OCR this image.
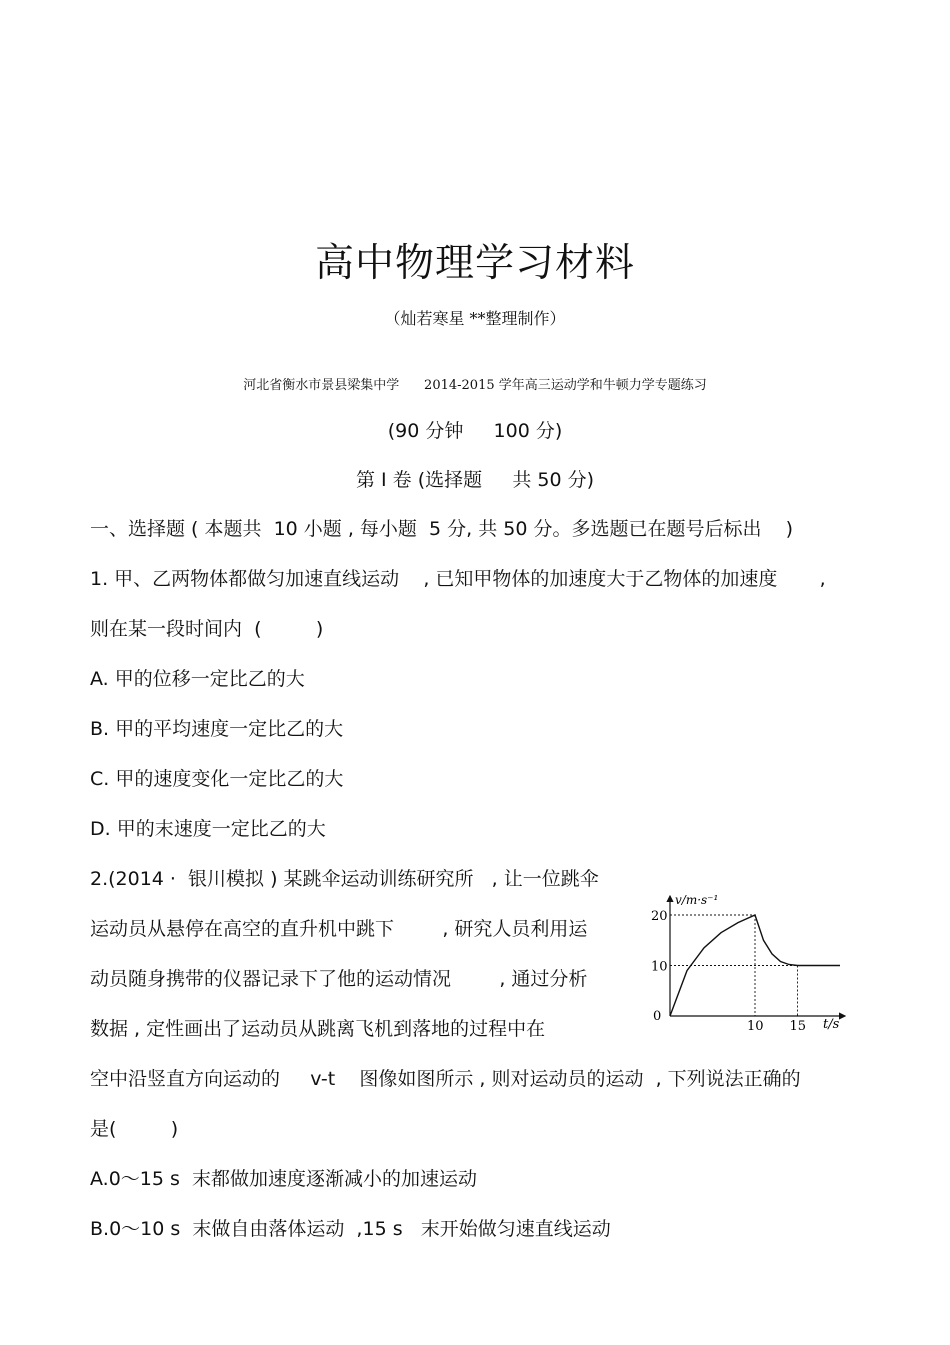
高中物理学习材料
（灿若寒星 **整理制作）
河北省衡水市景县梁集中学      2014-2015 学年高三运动学和牛顿力学专题练习
(90 分钟     100 分)
第 I 卷 (选择题     共 50 分)
一、选择题 ( 本题共  10 小题 , 每小题  5 分, 共 50 分。多选题已在题号后标出    )
1. 甲、乙两物体都做匀加速直线运动    , 已知甲物体的加速度大于乙物体的加速度       ,
则在某一段时间内  (         )
A. 甲的位移一定比乙的大
B. 甲的平均速度一定比乙的大
C. 甲的速度变化一定比乙的大
D. 甲的末速度一定比乙的大
2.(2014 ·  银川模拟 ) 某跳伞运动训练研究所   , 让一位跳伞
运动员从悬停在高空的直升机中跳下        , 研究人员利用运
动员随身携带的仪器记录下了他的运动情况        , 通过分析
数据 , 定性画出了运动员从跳离飞机到落地的过程中在
空中沿竖直方向运动的     v-t    图像如图所示 , 则对运动员的运动  , 下列说法正确的
是(         )
A.0～15 s  末都做加速度逐渐减小的加速运动
B.0～10 s  末做自由落体运动  ,15 s   末开始做匀速直线运动
v/m·s⁻¹
t/s
0
20
10
10 15
